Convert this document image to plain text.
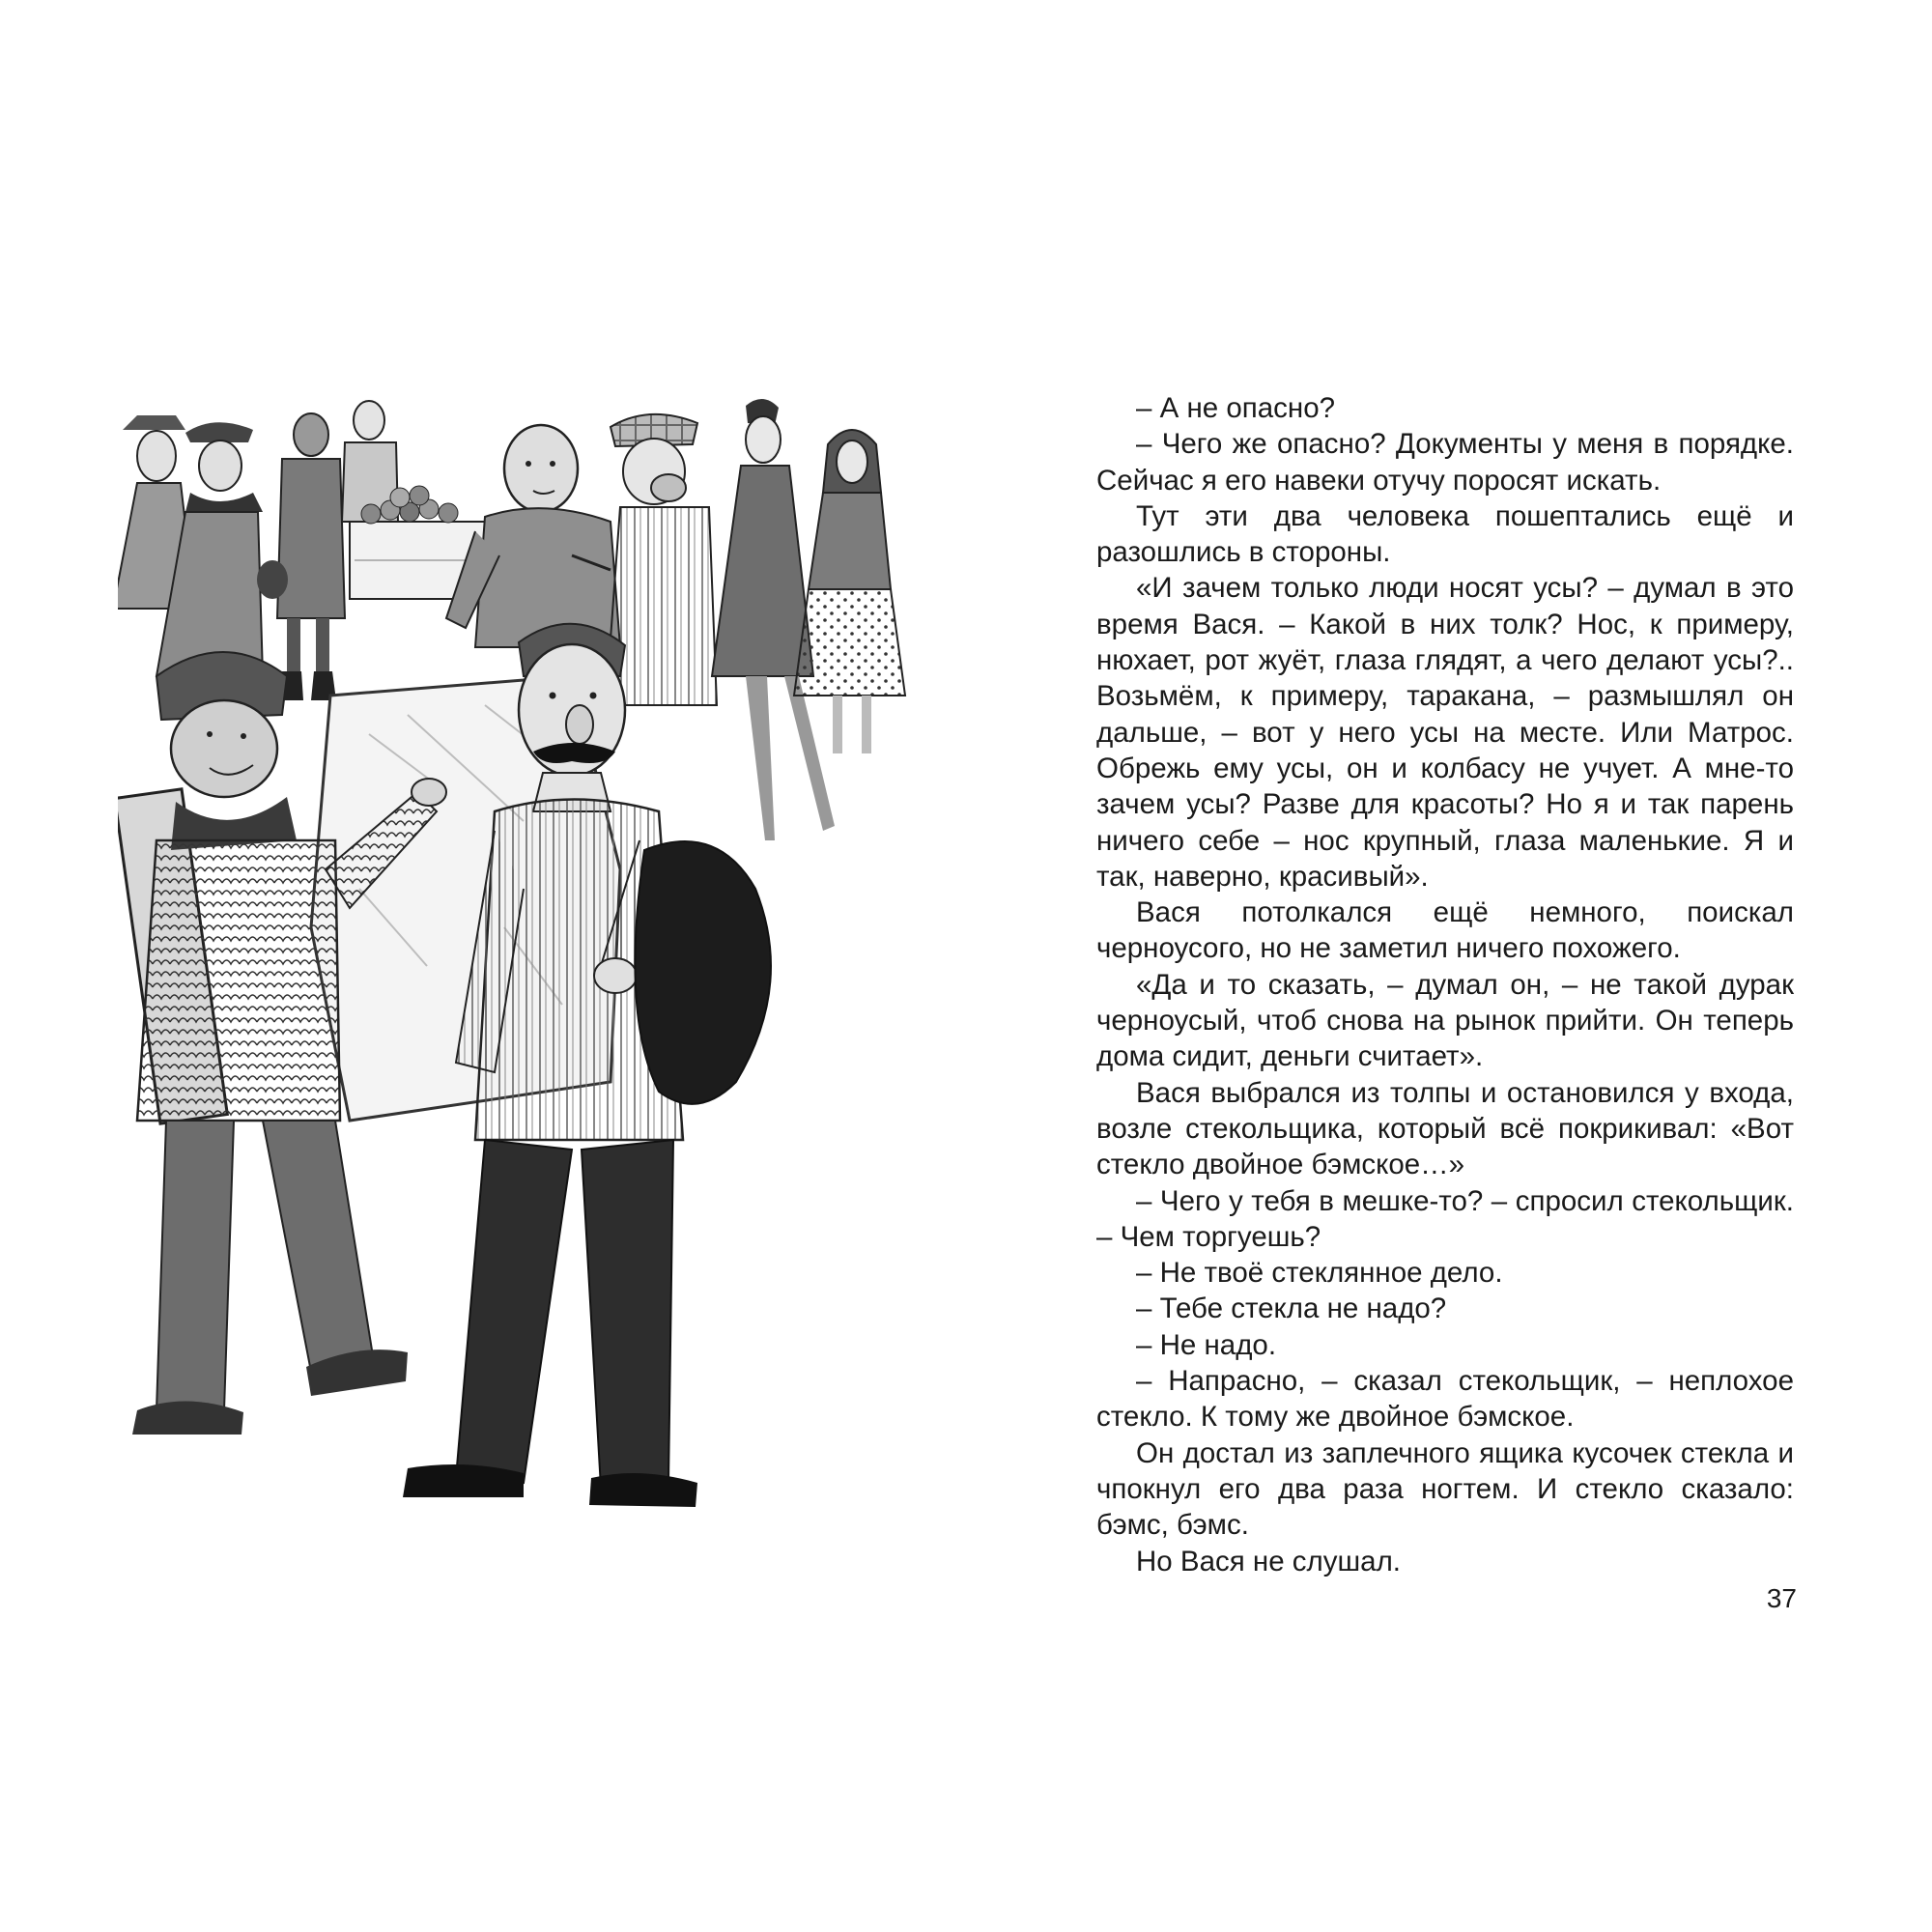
– А не опасно?

– Чего же опасно? Документы у меня в порядке. Сейчас я его навеки отучу поросят искать.

Тут эти два человека пошептались ещё и разошлись в стороны.

«И зачем только люди носят усы? – думал в это время Вася. – Какой в них толк? Нос, к примеру, нюхает, рот жуёт, глаза глядят, а чего делают усы?.. Возьмём, к примеру, таракана, – размышлял он дальше, – вот у него усы на месте. Или Матрос. Обрежь ему усы, он и колбасу не учует. А мне-то зачем усы? Разве для красоты? Но я и так парень ничего себе – нос крупный, глаза маленькие. Я и так, наверно, красивый».

Вася потолкался ещё немного, поискал черноусого, но не заметил ничего похожего.

«Да и то сказать, – думал он, – не такой дурак черноусый, чтоб снова на рынок прийти. Он теперь дома сидит, деньги считает».

Вася выбрался из толпы и остановился у входа, возле стекольщика, который всё покрикивал: «Вот стекло двойное бэмское…»

– Чего у тебя в мешке-то? – спросил стекольщик. – Чем торгуешь?

– Не твоё стеклянное дело.

– Тебе стекла не надо?

– Не надо.

– Напрасно, – сказал стекольщик, – неплохое стекло. К тому же двойное бэмское.

Он достал из заплечного ящика кусочек стекла и чпокнул его два раза ногтем. И стекло сказало: бэмс, бэмс.

Но Вася не слушал.

37
